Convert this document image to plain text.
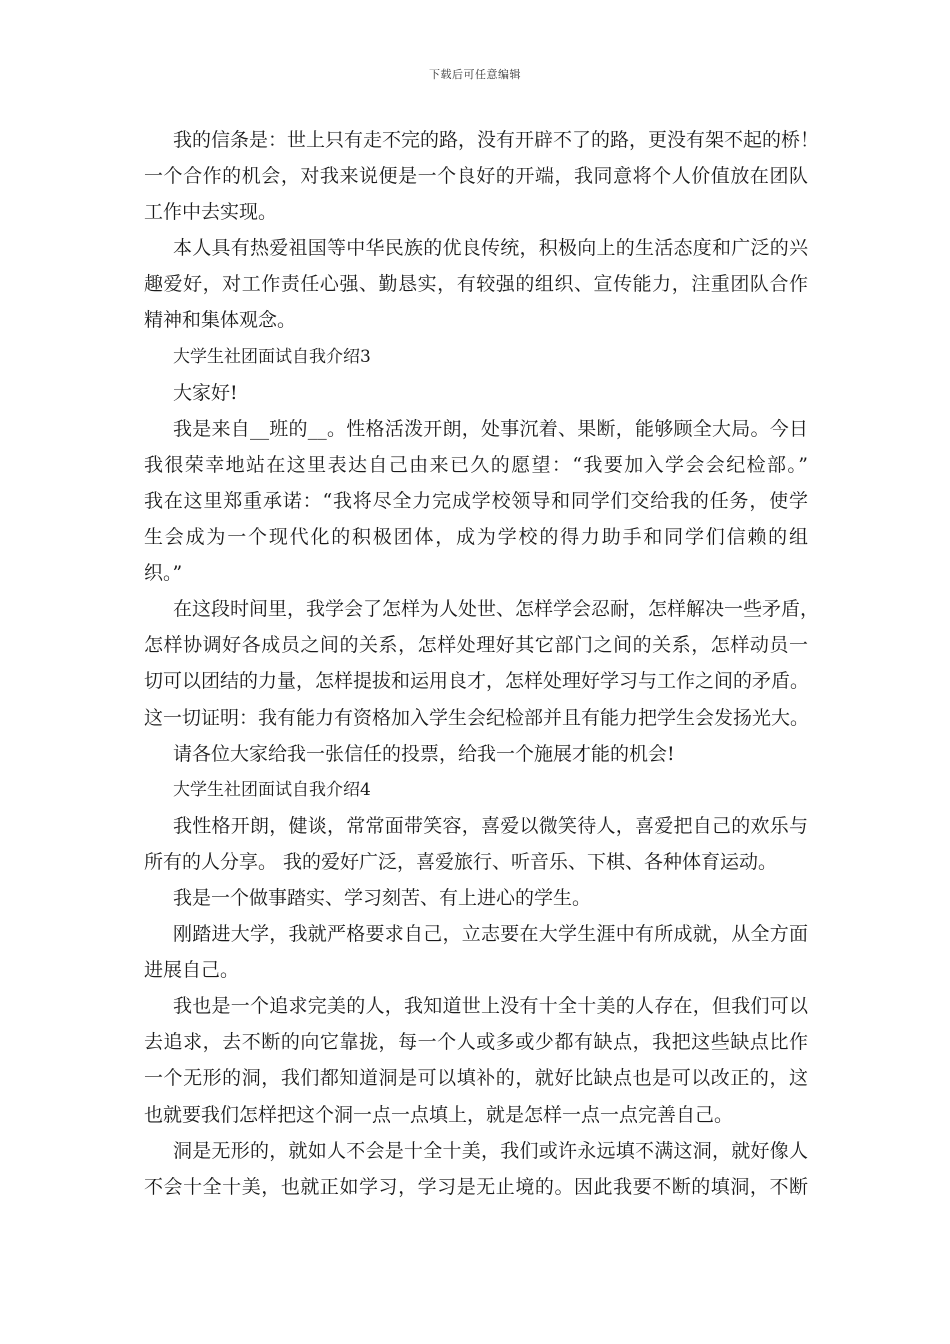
下载后可任意编辑
我的信条是：世上只有走不完的路，没有开辟不了的路，更没有架不起的桥！
一个合作的机会，对我来说便是一个良好的开端，我同意将个人价值放在团队
工作中去实现。
本人具有热爱祖国等中华民族的优良传统，积极向上的生活态度和广泛的兴
趣爱好，对工作责任心强、勤恳实，有较强的组织、宣传能力，注重团队合作
精神和集体观念。
大学生社团面试自我介绍3
大家好!
我是来自__班的__。性格活泼开朗，处事沉着、果断，能够顾全大局。今日
我很荣幸地站在这里表达自己由来已久的愿望：“我要加入学会会纪检部。”
我在这里郑重承诺：“我将尽全力完成学校领导和同学们交给我的任务，使学
生会成为一个现代化的积极团体，成为学校的得力助手和同学们信赖的组
织。”
在这段时间里，我学会了怎样为人处世、怎样学会忍耐，怎样解决一些矛盾，
怎样协调好各成员之间的关系，怎样处理好其它部门之间的关系，怎样动员一
切可以团结的力量，怎样提拔和运用良才，怎样处理好学习与工作之间的矛盾。
这一切证明：我有能力有资格加入学生会纪检部并且有能力把学生会发扬光大。
请各位大家给我一张信任的投票，给我一个施展才能的机会!
大学生社团面试自我介绍4
我性格开朗，健谈，常常面带笑容，喜爱以微笑待人，喜爱把自己的欢乐与
所有的人分享。 我的爱好广泛，喜爱旅行、听音乐、下棋、各种体育运动。
我是一个做事踏实、学习刻苦、有上进心的学生。
刚踏进大学，我就严格要求自己，立志要在大学生涯中有所成就，从全方面
进展自己。
我也是一个追求完美的人，我知道世上没有十全十美的人存在，但我们可以
去追求，去不断的向它靠拢，每一个人或多或少都有缺点，我把这些缺点比作
一个无形的洞，我们都知道洞是可以填补的，就好比缺点也是可以改正的，这
也就要我们怎样把这个洞一点一点填上，就是怎样一点一点完善自己。
洞是无形的，就如人不会是十全十美，我们或许永远填不满这洞，就好像人
不会十全十美，也就正如学习，学习是无止境的。因此我要不断的填洞，不断
